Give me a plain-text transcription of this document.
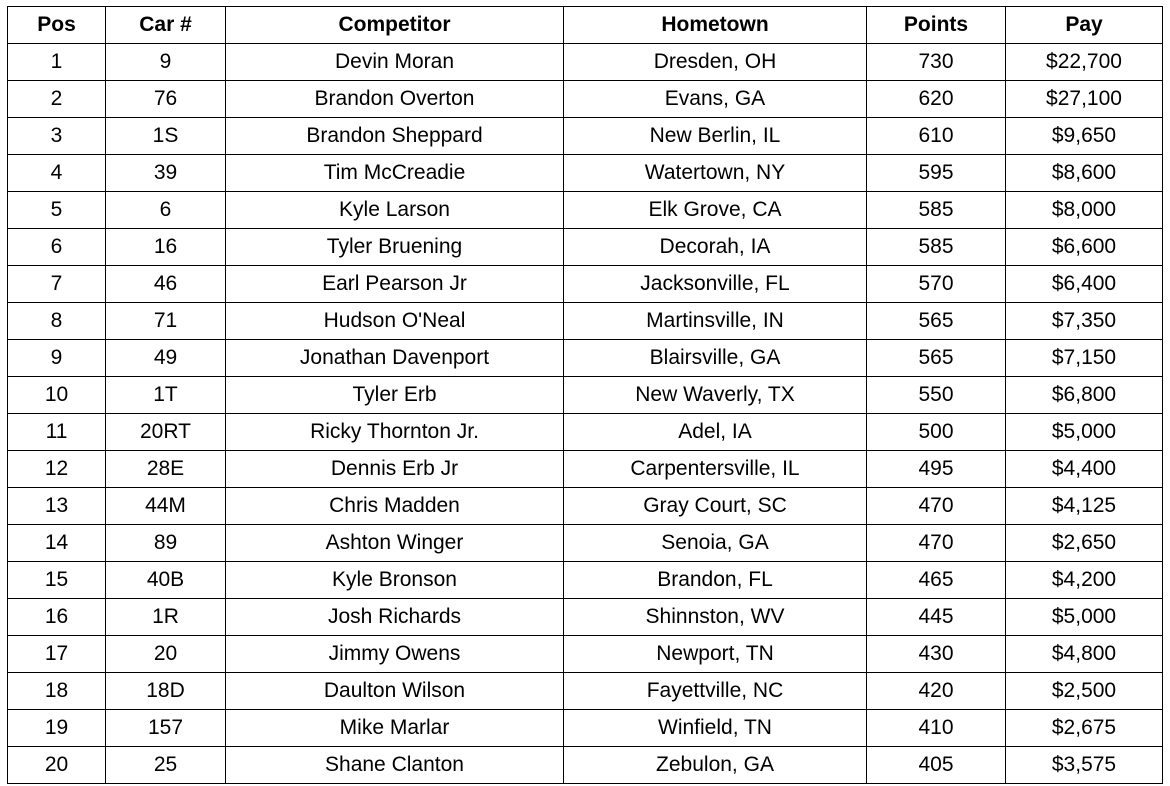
Pos	Car #	Competitor	Hometown	Points	Pay
1	9	Devin Moran	Dresden, OH	730	$22,700
2	76	Brandon Overton	Evans, GA	620	$27,100
3	1S	Brandon Sheppard	New Berlin, IL	610	$9,650
4	39	Tim McCreadie	Watertown, NY	595	$8,600
5	6	Kyle Larson	Elk Grove, CA	585	$8,000
6	16	Tyler Bruening	Decorah, IA	585	$6,600
7	46	Earl Pearson Jr	Jacksonville, FL	570	$6,400
8	71	Hudson O'Neal	Martinsville, IN	565	$7,350
9	49	Jonathan Davenport	Blairsville, GA	565	$7,150
10	1T	Tyler Erb	New Waverly, TX	550	$6,800
11	20RT	Ricky Thornton Jr.	Adel, IA	500	$5,000
12	28E	Dennis Erb Jr	Carpentersville, IL	495	$4,400
13	44M	Chris Madden	Gray Court, SC	470	$4,125
14	89	Ashton Winger	Senoia, GA	470	$2,650
15	40B	Kyle Bronson	Brandon, FL	465	$4,200
16	1R	Josh Richards	Shinnston, WV	445	$5,000
17	20	Jimmy Owens	Newport, TN	430	$4,800
18	18D	Daulton Wilson	Fayettville, NC	420	$2,500
19	157	Mike Marlar	Winfield, TN	410	$2,675
20	25	Shane Clanton	Zebulon, GA	405	$3,575
